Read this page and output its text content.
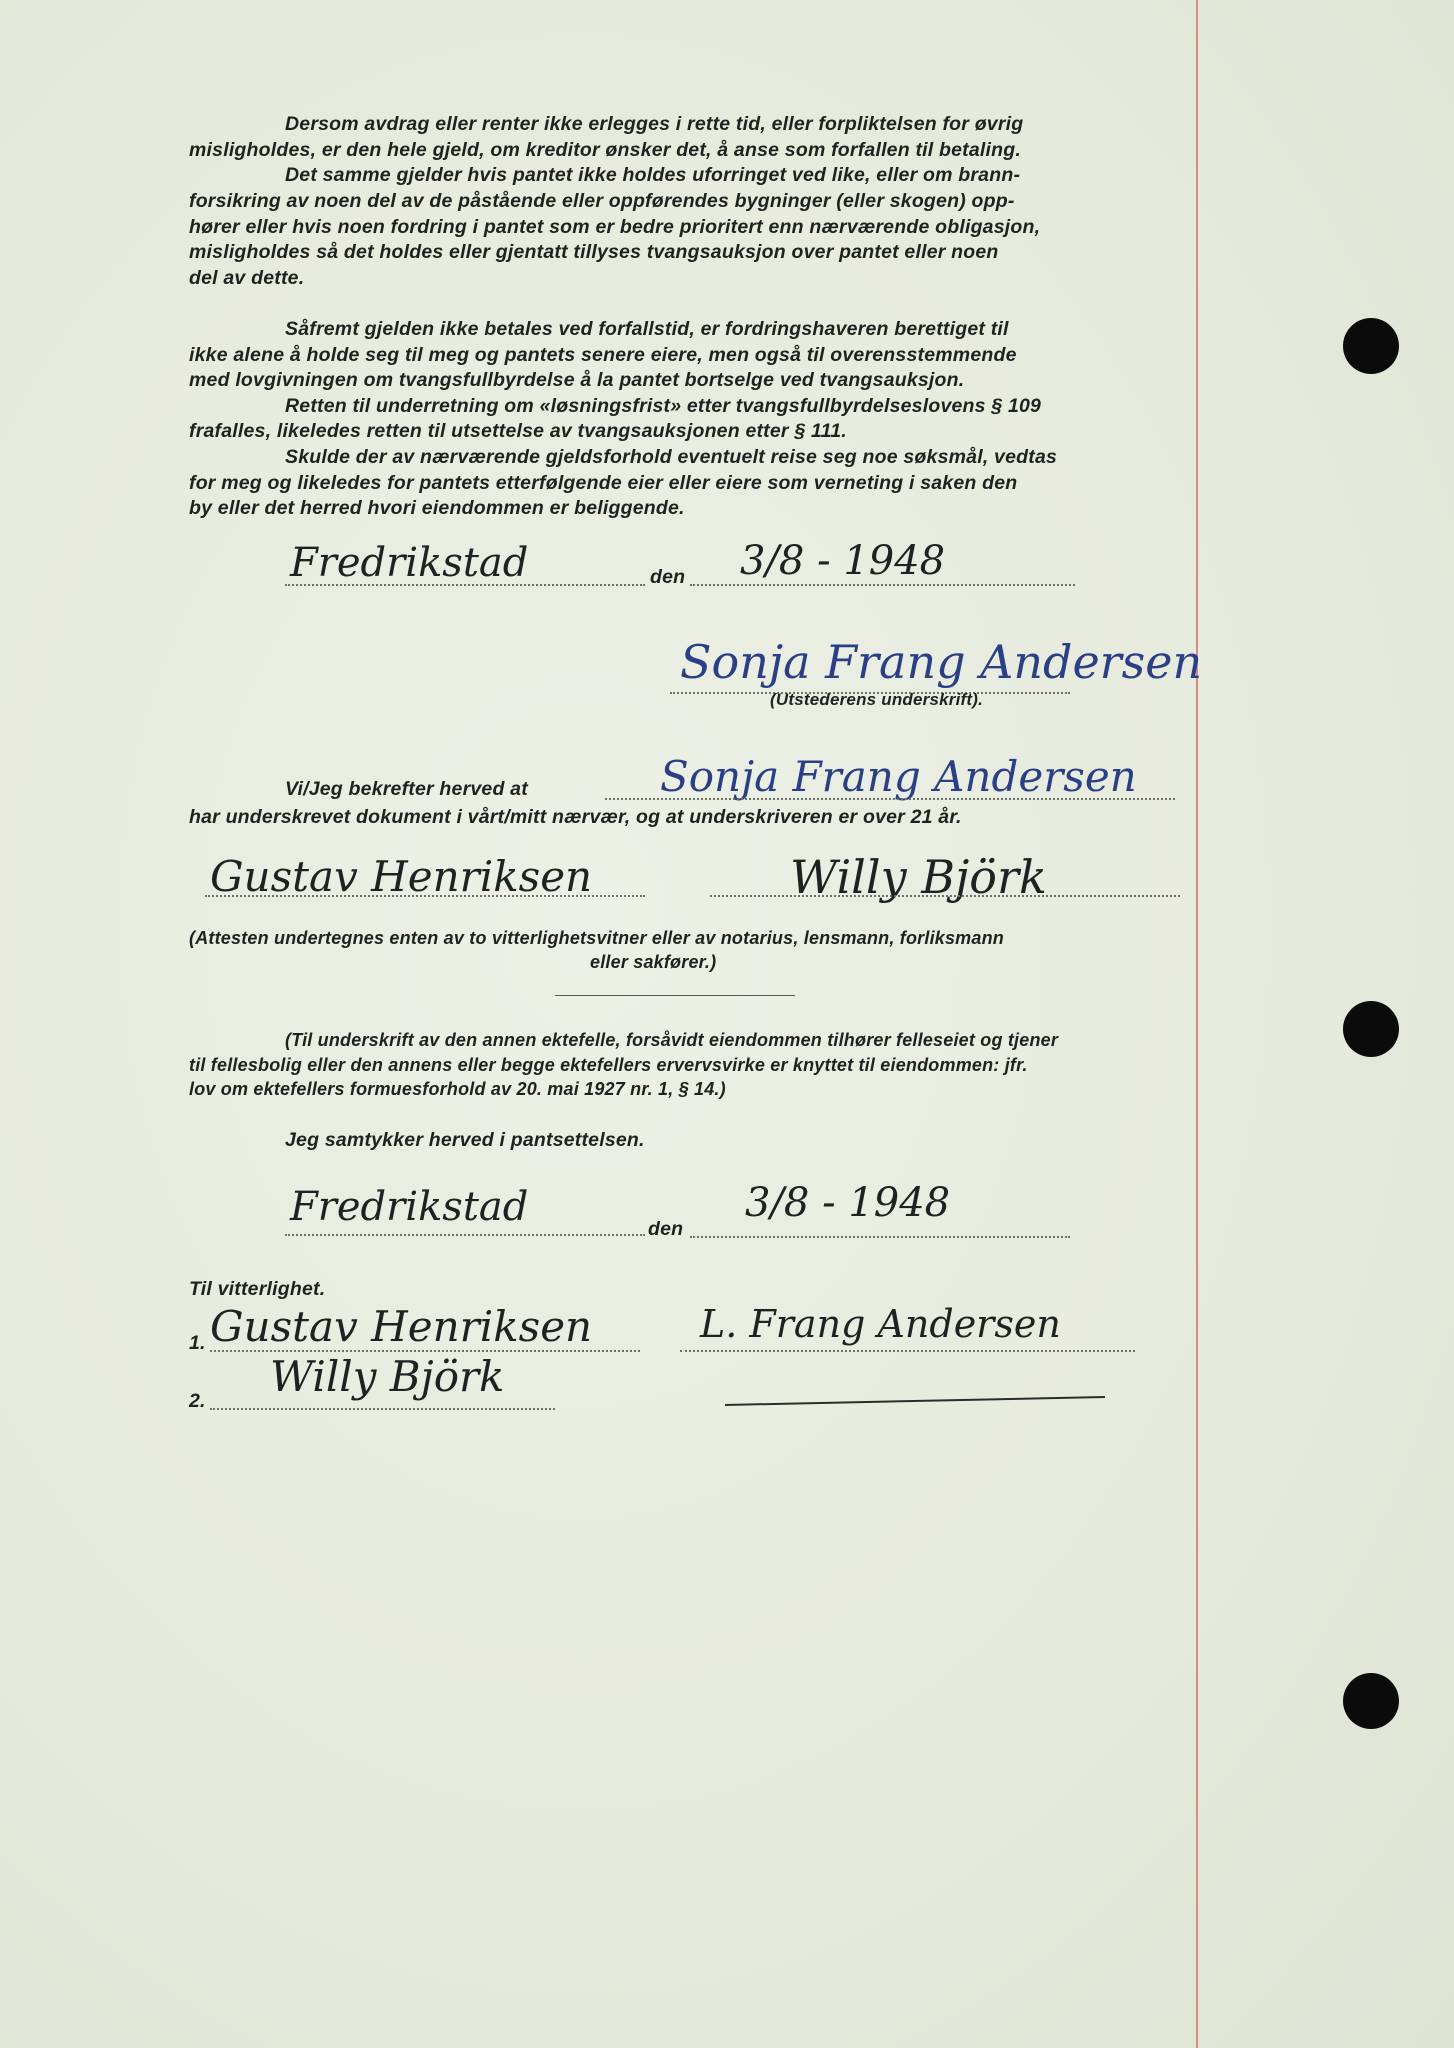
Dersom avdrag eller renter ikke erlegges i rette tid, eller forpliktelsen for øvrig
misligholdes, er den hele gjeld, om kreditor ønsker det, å anse som forfallen til betaling.
Det samme gjelder hvis pantet ikke holdes uforringet ved like, eller om brann-
forsikring av noen del av de påstående eller oppførendes bygninger (eller skogen) opp-
hører eller hvis noen fordring i pantet som er bedre prioritert enn nærværende obligasjon,
misligholdes så det holdes eller gjentatt tillyses tvangsauksjon over pantet eller noen
del av dette.
Såfremt gjelden ikke betales ved forfallstid, er fordringshaveren berettiget til
ikke alene å holde seg til meg og pantets senere eiere, men også til overensstemmende
med lovgivningen om tvangsfullbyrdelse å la pantet bortselge ved tvangsauksjon.
Retten til underretning om «løsningsfrist» etter tvangsfullbyrdelseslovens § 109
frafalles, likeledes retten til utsettelse av tvangsauksjonen etter § 111.
Skulde der av nærværende gjeldsforhold eventuelt reise seg noe søksmål, vedtas
for meg og likeledes for pantets etterfølgende eier eller eiere som verneting i saken den
by eller det herred hvori eiendommen er beliggende.
Fredrikstad	den 3/8 - 1948
Sonja Frang Andersen
(Utstederens underskrift).
Vi/Jeg bekrefter herved at	Sonja Frang Andersen
har underskrevet dokument i vårt/mitt nærvær, og at underskriveren er over 21 år.
Gustav Henriksen	Willy Björk
(Attesten undertegnes enten av to vitterlighetsvitner eller av notarius, lensmann, forliksmann
eller sakfører.)
(Til underskrift av den annen ektefelle, forsåvidt eiendommen tilhører felleseiet og tjener
til fellesbolig eller den annens eller begge ektefellers ervervsvirke er knyttet til eiendommen: jfr.
lov om ektefellers formuesforhold av 20. mai 1927 nr. 1, § 14.)
Jeg samtykker herved i pantsettelsen.
Fredrikstad	den
3/8 - 1948
Til vitterlighet.
1. Gustav Henriksen	L. Frang Andersen
2. Willy Björk
